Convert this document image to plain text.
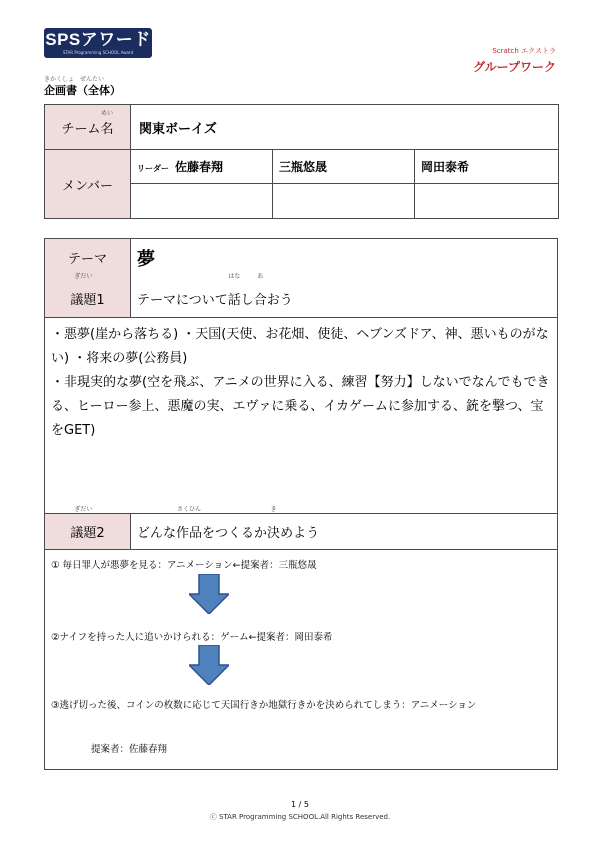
SPSアワード
STAR Programming SCHOOL Award	Scratch エクストラ
グループワーク
きかくしょ　ぜんたい
企画書（全体）
チーム
めい
名	関東ボーイズ		
メンバー	リーダー 佐藤春翔	三瓶悠晟	岡田泰希

テーマ	夢
ぎだい
議題1	テーマについて
はな
話し
あ
合おう
・悪夢(崖から落ちる) ・天国(天使、お花畑、使徒、ヘブンズドア、神、悪いものがない) ・将来の夢(公務員)
・非現実的な夢(空を飛ぶ、アニメの世界に入る、練習【努力】しないでなんでもできる、ヒーロー参上、悪魔の実、エヴァに乗る、イカゲームに参加する、銃を撃つ、宝をGET)
ぎだい
議題2	どんな
さくひん
作品をつくるか
き
決めよう
① 毎日罪人が悪夢を見る：アニメーション←提案者：三瓶悠晟
②ナイフを持った人に追いかけられる：ゲーム←提案者：岡田泰希
③逃げ切った後、コインの枚数に応じて天国行きか地獄行きかを決められてしまう：アニメーション
提案者：佐藤春翔
1 / 5
ⓒ STAR Programming SCHOOL.All Rights Reserved.
